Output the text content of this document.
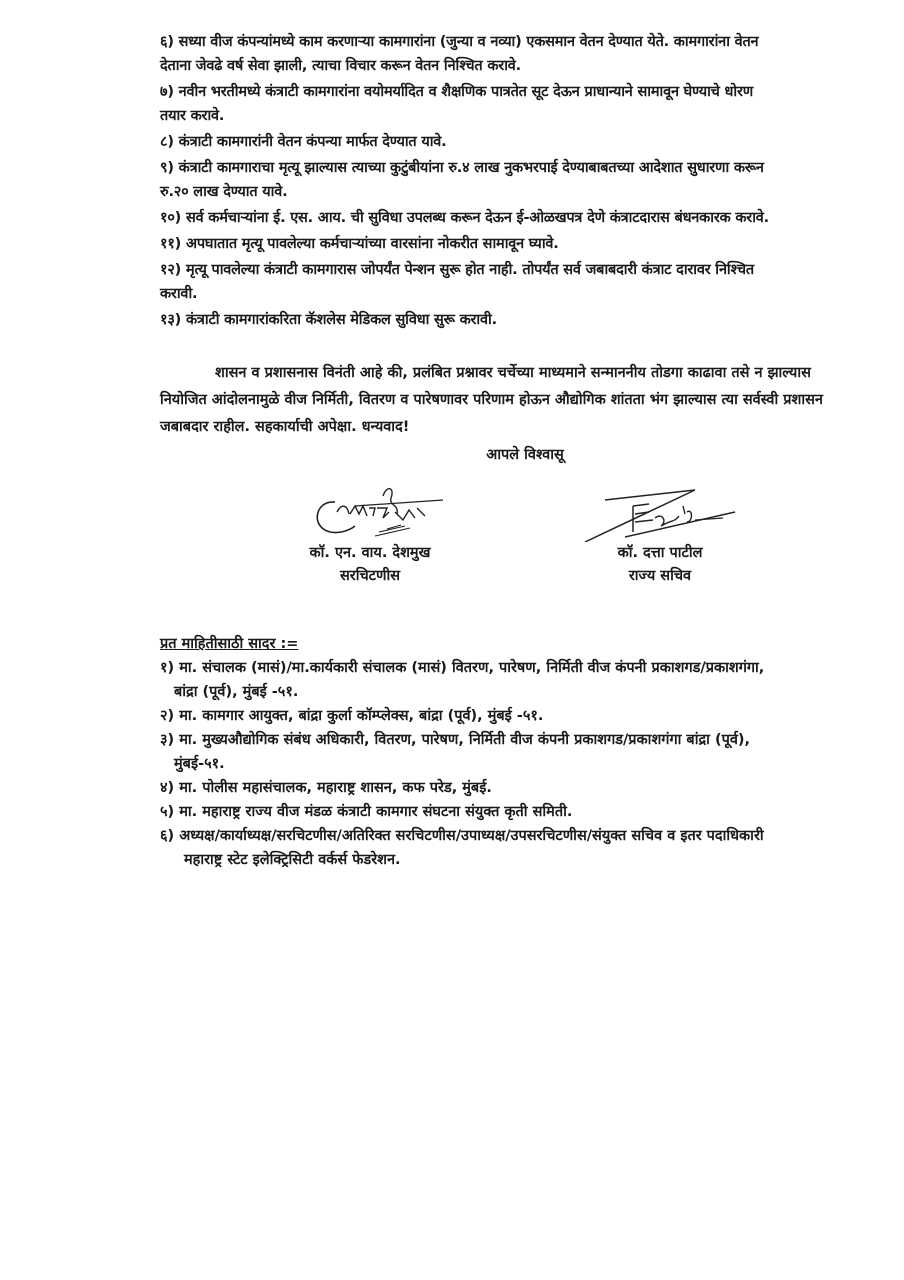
६) सध्या वीज कंपन्यांमध्ये काम करणाऱ्या कामगारांना (जुन्या व नव्या) एकसमान वेतन देण्यात येते. कामगारांना वेतन
देताना जेवढे वर्ष सेवा झाली, त्याचा विचार करून वेतन निश्चित करावे.
७) नवीन भरतीमध्ये कंत्राटी कामगारांना वयोमर्यादित व शैक्षणिक पात्रतेत सूट देऊन प्राधान्याने सामावून घेण्याचे धोरण
तयार करावे.
८) कंत्राटी कामगारांनी वेतन कंपन्या मार्फत देण्यात यावे.
९) कंत्राटी कामगाराचा मृत्यू झाल्यास त्याच्या कुटुंबीयांना रु.४ लाख नुकभरपाई देण्याबाबतच्या आदेशात सुधारणा करून
रु.२० लाख देण्यात यावे.
१०) सर्व कर्मचाऱ्यांना ई. एस. आय. ची सुविधा उपलब्ध करून देऊन ई-ओळखपत्र देणे कंत्राटदारास बंधनकारक करावे.
११) अपघातात मृत्यू पावलेल्या कर्मचाऱ्यांच्या वारसांना नोकरीत सामावून घ्यावे.
१२) मृत्यू पावलेल्या कंत्राटी कामगारास जोपर्यंत पेन्शन सुरू होत नाही. तोपर्यंत सर्व जबाबदारी कंत्राट दारावर निश्चित
करावी.
१३) कंत्राटी कामगारांकरिता कॅशलेस मेडिकल सुविधा सुरू करावी.

शासन व प्रशासनास विनंती आहे की, प्रलंबित प्रश्नावर चर्चेच्या माध्यमाने सन्माननीय तोडगा काढावा तसे न झाल्यास नियोजित आंदोलनामुळे वीज निर्मिती, वितरण व पारेषणावर परिणाम होऊन औद्योगिक शांतता भंग झाल्यास त्या सर्वस्वी प्रशासन जबाबदार राहील. सहकार्याची अपेक्षा. धन्यवाद!

आपले विश्वासू
कॉ. एन. वाय. देशमुख
सरचिटणीस
कॉ. दत्ता पाटील
राज्य सचिव
प्रत माहितीसाठी सादर :=
१) मा. संचालक (मासं)/मा.कार्यकारी संचालक (मासं) वितरण, पारेषण, निर्मिती वीज कंपनी प्रकाशगड/प्रकाशगंगा,
बांद्रा (पूर्व), मुंबई -५१.
२) मा. कामगार आयुक्त, बांद्रा कुर्ला कॉम्प्लेक्स, बांद्रा (पूर्व), मुंबई -५१.
३) मा. मुख्यऔद्योगिक संबंध अधिकारी, वितरण, पारेषण, निर्मिती वीज कंपनी प्रकाशगड/प्रकाशगंगा बांद्रा (पूर्व),
मुंबई-५१.
४) मा. पोलीस महासंचालक, महाराष्ट्र शासन, कफ परेड, मुंबई.
५) मा. महाराष्ट्र राज्य वीज मंडळ कंत्राटी कामगार संघटना संयुक्त कृती समिती.
६) अध्यक्ष/कार्याध्यक्ष/सरचिटणीस/अतिरिक्त सरचिटणीस/उपाध्यक्ष/उपसरचिटणीस/संयुक्त सचिव व इतर पदाधिकारी
महाराष्ट्र स्टेट इलेक्ट्रिसिटी वर्कर्स फेडरेशन.
